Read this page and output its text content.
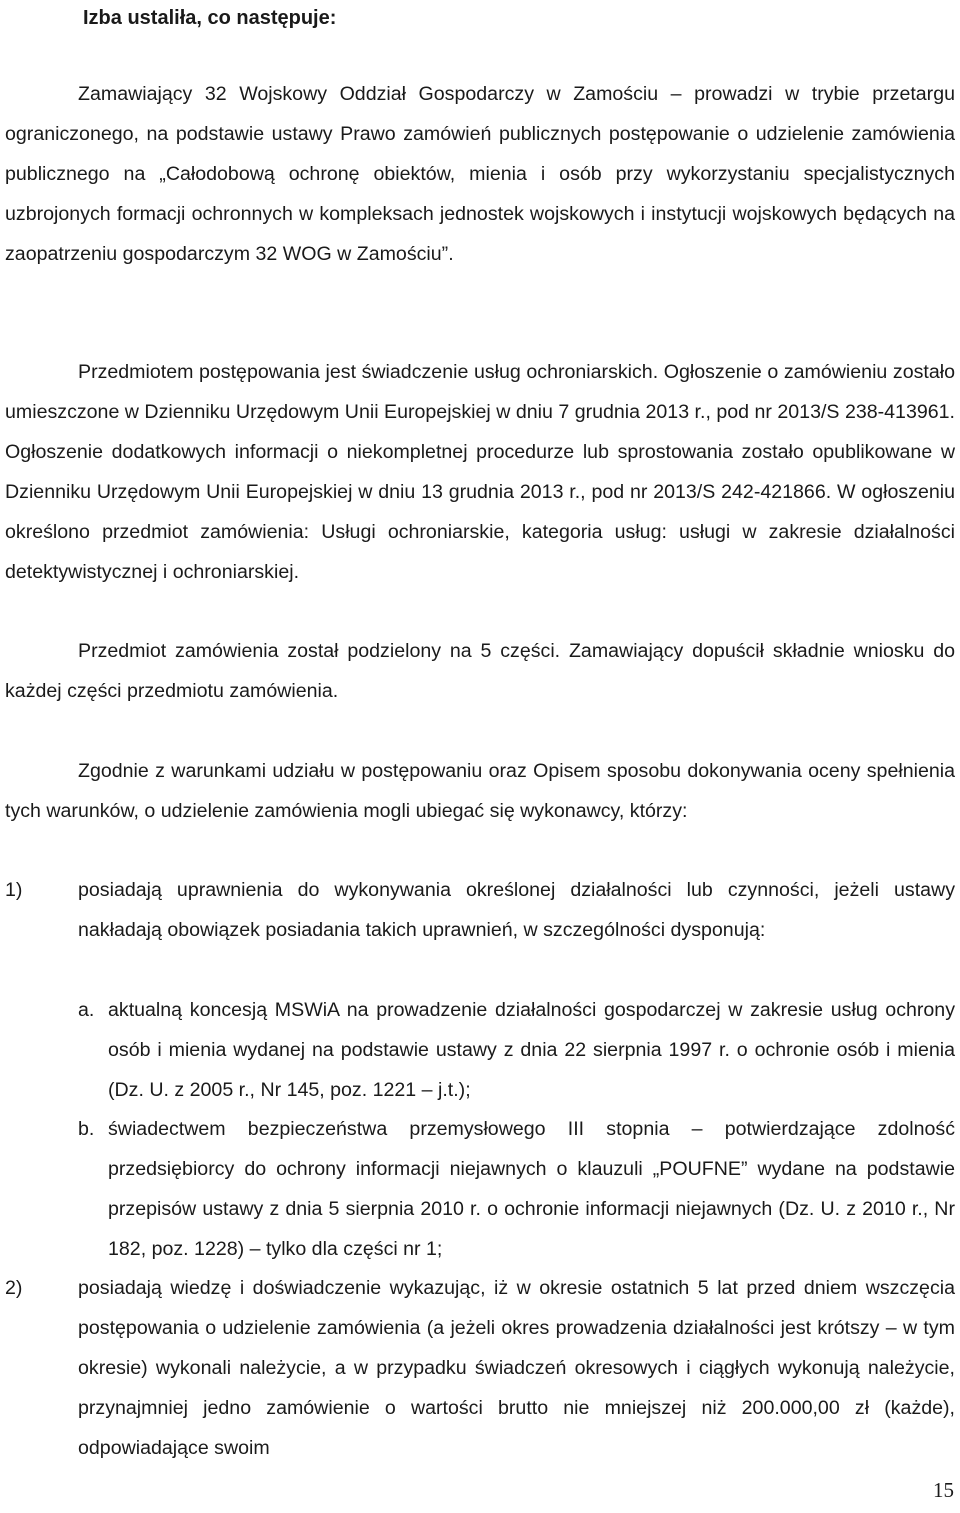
Izba ustaliła, co następuje:

Zamawiający 32 Wojskowy Oddział Gospodarczy w Zamościu – prowadzi w trybie przetargu ograniczonego, na podstawie ustawy Prawo zamówień publicznych postępowanie o udzielenie zamówienia publicznego na „Całodobową ochronę obiektów, mienia i osób przy wykorzystaniu specjalistycznych uzbrojonych formacji ochronnych w kompleksach jednostek wojskowych i instytucji wojskowych będących na zaopatrzeniu gospodarczym 32 WOG w Zamościu”.

Przedmiotem postępowania jest świadczenie usług ochroniarskich. Ogłoszenie o zamówieniu zostało umieszczone w Dzienniku Urzędowym Unii Europejskiej w dniu 7 grudnia 2013 r., pod nr 2013/S 238-413961. Ogłoszenie dodatkowych informacji o niekompletnej procedurze lub sprostowania zostało opublikowane w Dzienniku Urzędowym Unii Europejskiej w dniu 13 grudnia 2013 r., pod nr 2013/S 242-421866. W ogłoszeniu określono przedmiot zamówienia: Usługi ochroniarskie, kategoria usług: usługi w zakresie działalności detektywistycznej i ochroniarskiej.

Przedmiot zamówienia został podzielony na 5 części. Zamawiający dopuścił składnie wniosku do każdej części przedmiotu zamówienia.

Zgodnie z warunkami udziału w postępowaniu oraz Opisem sposobu dokonywania oceny spełnienia tych warunków, o udzielenie zamówienia mogli ubiegać się wykonawcy, którzy:

1)	posiadają uprawnienia do wykonywania określonej działalności lub czynności, jeżeli ustawy nakładają obowiązek posiadania takich uprawnień, w szczególności dysponują:

a. aktualną koncesją MSWiA na prowadzenie działalności gospodarczej w zakresie usług ochrony osób i mienia wydanej na podstawie ustawy z dnia 22 sierpnia 1997 r. o ochronie osób i mienia (Dz. U. z 2005 r., Nr 145, poz. 1221 – j.t.);

b. świadectwem bezpieczeństwa przemysłowego III stopnia – potwierdzające zdolność przedsiębiorcy do ochrony informacji niejawnych o klauzuli „POUFNE” wydane na podstawie przepisów ustawy z dnia 5 sierpnia 2010 r. o ochronie informacji niejawnych (Dz. U. z 2010 r., Nr 182, poz. 1228) – tylko dla części nr 1;

2)	posiadają wiedzę i doświadczenie wykazując, iż w okresie ostatnich 5 lat przed dniem wszczęcia postępowania o udzielenie zamówienia (a jeżeli okres prowadzenia działalności jest krótszy – w tym okresie) wykonali należycie, a w przypadku świadczeń okresowych i ciągłych wykonują należycie, przynajmniej jedno zamówienie o wartości brutto nie mniejszej niż 200.000,00 zł (każde), odpowiadające swoim

15
